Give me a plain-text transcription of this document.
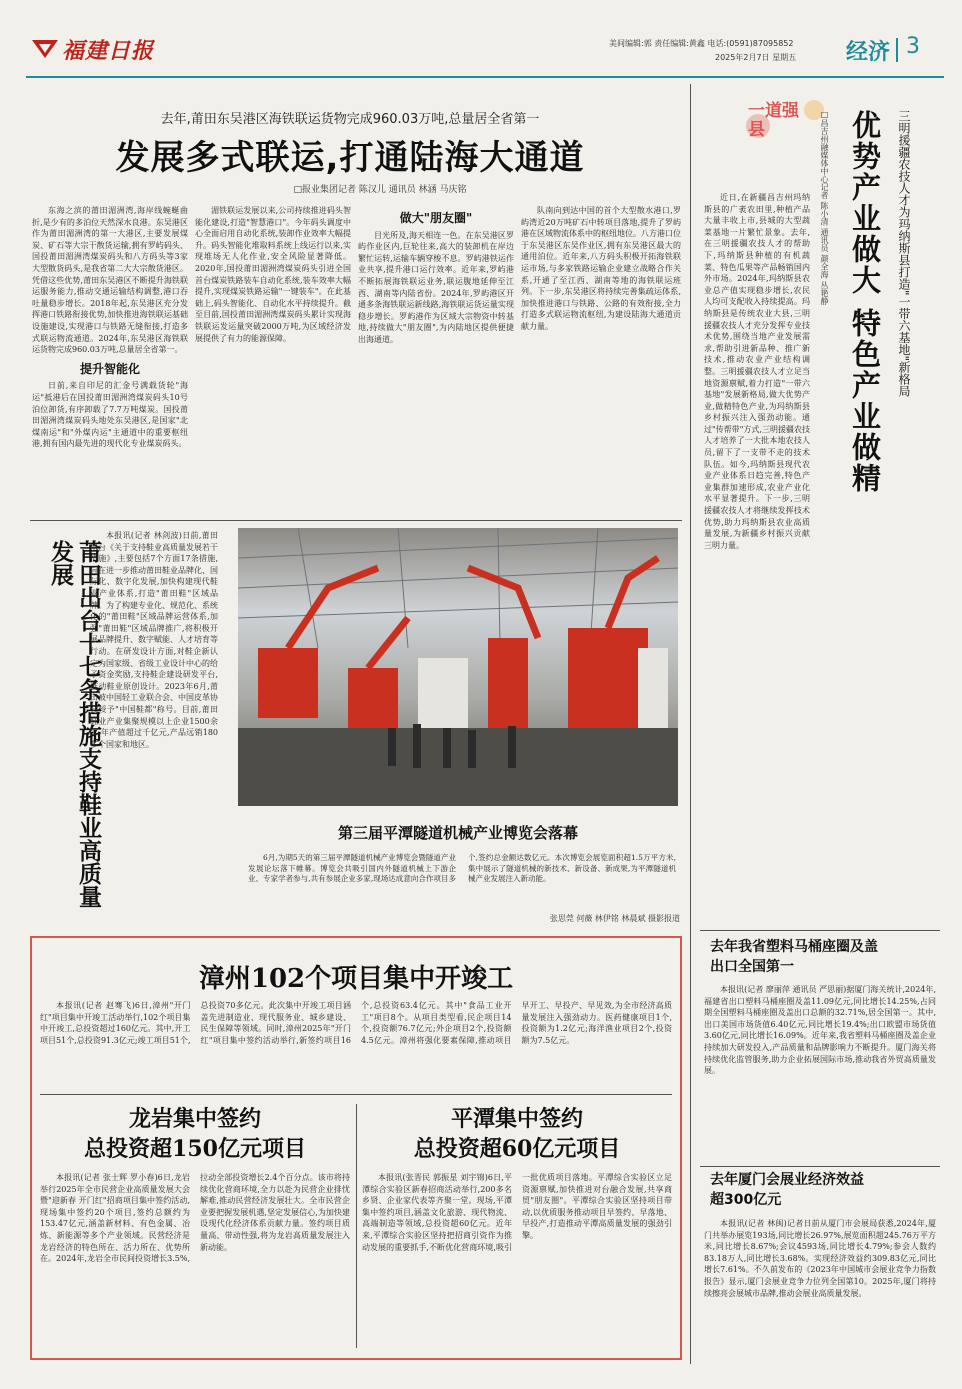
福建日报	美间编辑:郭 责任编辑:黄鑫 电话:(0591)87095852
2025年2月7日 星期五 经济 3
去年,莆田东吴港区海铁联运货物完成960.03万吨,总量居全省第一
发展多式联运,打通陆海大通道
□报业集团记者 陈汉儿 通讯员 林涵 马庆铭

东海之滨的莆田湄洲湾,海岸线蜿蜒曲折,是少有的多泊位天然深水良港。东吴港区作为莆田湄洲湾的第一大港区,主要发展煤炭、矿石等大宗干散货运输,拥有罗屿码头、国投莆田湄洲湾煤炭码头和八方码头等3家大型散货码头,是我省第二大大宗散货港区。凭借这些优势,莆田东吴港区不断提升海铁联运服务能力,推动交通运输结构调整,港口吞吐量稳步增长。2018年起,东吴港区充分发挥港口铁路衔接优势,加快推进海铁联运基础设施建设,实现港口与铁路无缝衔接,打造多式联运物流通道。2024年,东吴港区海铁联运货物完成960.03万吨,总量居全省第一。

提升智能化

日前,来自印尼的汇金号满载货轮"海运"抵港后在国投莆田湄洲湾煤炭码头10号泊位卸货,有序卸载了7.7万吨煤炭。国投莆田湄洲湾煤炭码头地处东吴港区,是国家"北煤南运"和"外煤内运"主通道中的重要枢纽港,拥有国内最先进的现代化专业煤炭码头。

湄铁联运发展以来,公司持续推进码头智能化建设,打造"智慧港口"。今年码头调度中心全面启用自动化系统,装卸作业效率大幅提升。码头智能化堆取料系统上线运行以来,实现堆场无人化作业,安全风险显著降低。2020年,国投莆田湄洲湾煤炭码头引进全国首台煤炭铁路装车自动化系统,装车效率大幅提升,实现煤炭铁路运输"一键装车"。在此基础上,码头智能化、自动化水平持续提升。截至目前,国投莆田湄洲湾煤炭码头累计实现海铁联运发运量突破2000万吨,为区域经济发展提供了有力的能源保障。

做大"朋友圈"

目光所及,海天相连一色。在东吴港区罗屿作业区内,巨轮往来,高大的装卸机在岸边繁忙运转,运输车辆穿梭不息。罗屿港铁运作业共享,提升港口运行效率。近年来,罗屿港不断拓展海铁联运业务,联运腹地延伸至江西、湖南等内陆省份。2024年,罗屿港区开通多条海铁联运新线路,海铁联运货运量实现稳步增长。罗屿港作为区域大宗物资中转基地,持续做大"朋友圈",为内陆地区提供便捷出海通道。

队南向到达中国的首个大型散水港口,罗屿湾近20万吨矿石中转项目落地,提升了罗屿港在区域物流体系中的枢纽地位。八方港口位于东吴港区东吴作业区,拥有东吴港区最大的通用泊位。近年来,八方码头积极开拓海铁联运市场,与多家铁路运输企业建立战略合作关系,开通了至江西、湖南等地的海铁联运班列。下一步,东吴港区将持续完善集疏运体系,加快推进港口与铁路、公路的有效衔接,全力打造多式联运物流枢纽,为建设陆海大通道贡献力量。

莆田出台十七条措施支持鞋业高质量发展

本报讯(记者 林剑波)日前,莆田出台《关于支持鞋业高质量发展若干措施》,主要包括7个方面17条措施,旨在进一步推动莆田鞋业品牌化、国际化、数字化发展,加快构建现代鞋业产业体系,打造"莆田鞋"区域品牌。为了构建专业化、规范化、系统化的"莆田鞋"区域品牌运营体系,加强"莆田鞋"区域品牌推广,将积极开展品牌提升、数字赋能、人才培育等行动。在研发设计方面,对鞋企新认定为国家级、省级工业设计中心的给予资金奖励,支持鞋企建设研发平台,推动鞋业原创设计。2023年6月,莆田被中国轻工业联合会、中国皮革协会授予"中国鞋都"称号。目前,莆田鞋业产业集聚规模以上企业1500余家,年产值超过千亿元,产品远销180多个国家和地区。

第三届平潭隧道机械产业博览会落幕

6月,为期5天的第三届平潭隧道机械产业博览会暨隧道产业发展论坛落下帷幕。博览会共吸引国内外隧道机械上下游企业、专家学者参与,共有参展企业多家,现场达成意向合作项目多个,签约总金额达数亿元。本次博览会展览面积超1.5万平方米,集中展示了隧道机械的新技术、新设备、新成果,为平潭隧道机械产业发展注入新动能。

张思莞 何薇 林伊铭 林晨斌 摄影报道
漳州102个项目集中开竣工

本报讯(记者 赵骞飞)6日,漳州"开门红"项目集中开竣工活动举行,102个项目集中开竣工,总投资超过160亿元。其中,开工项目51个,总投资91.3亿元;竣工项目51个,总投资70多亿元。此次集中开竣工项目涵盖先进制造业、现代服务业、城乡建设、民生保障等领域。同时,漳州2025年"开门红"项目集中签约活动举行,新签约项目16个,总投资63.4亿元。其中"食品工业开工"项目8个。从项目类型看,民企项目14个,投资额76.7亿元;外企项目2个,投资额4.5亿元。漳州将强化要素保障,推动项目早开工、早投产、早见效,为全市经济高质量发展注入强劲动力。医药健康项目1个,投资额为1.2亿元;海洋渔业项目2个,投资额为7.5亿元。

龙岩集中签约
总投资超150亿元项目

本报讯(记者 张士辉 罗小春)6日,龙岩举行2025年全市民营企业高质量发展大会暨"迎新春 开门红"招商项目集中签约活动,现场集中签约20个项目,签约总额约为153.47亿元,涵盖新材料、有色金属、冶炼、新能源等多个产业领域。民营经济是龙岩经济的特色所在、活力所在、优势所在。2024年,龙岩全市民间投资增长3.5%,拉动全部投资增长2.4个百分点。该市将持续优化营商环境,全力以赴为民营企业排忧解难,推动民营经济发展壮大。全市民营企业要把握发展机遇,坚定发展信心,为加快建设现代化经济体系贡献力量。签约项目质量高、带动性强,将为龙岩高质量发展注入新动能。

平潭集中签约
总投资超60亿元项目

本报讯(张晋民 郭振星 刘宇锦)6日,平潭综合实验区新春招商活动举行,200多名乡贤、企业家代表等齐聚一堂。现场,平潭集中签约项目,涵盖文化旅游、现代物流、高端制造等领域,总投资超60亿元。近年来,平潭综合实验区坚持把招商引资作为推动发展的重要抓手,不断优化营商环境,吸引一批优质项目落地。平潭综合实验区立足资源禀赋,加快推进对台融合发展,共享商贸"朋友圈"。平潭综合实验区坚持项目带动,以优质服务推动项目早签约、早落地、早投产,打造推动平潭高质量发展的强劲引擎。

一道强县	优势产业做大 特色产业做精 三明援疆农技人才为玛纳斯县打造"一带六基地"新格局
□昌吉州融媒体中心记者 陈小清 通讯员 颜全海 丛艳静

近日,在新疆昌吉州玛纳斯县的广袤农田里,种植产品大量丰收上市,县城的大型蔬菜基地一片繁忙景象。去年,在三明援疆农技人才的帮助下,玛纳斯县种植的有机蔬菜、特色瓜果等产品畅销国内外市场。2024年,玛纳斯县农业总产值实现稳步增长,农民人均可支配收入持续提高。玛纳斯县是传统农业大县,三明援疆农技人才充分发挥专业技术优势,围绕当地产业发展需求,帮助引进新品种、推广新技术,推动农业产业结构调整。三明援疆农技人才立足当地资源禀赋,着力打造"一带六基地"发展新格局,做大优势产业,做精特色产业,为玛纳斯县乡村振兴注入强劲动能。通过"传帮带"方式,三明援疆农技人才培养了一大批本地农技人员,留下了一支带不走的技术队伍。如今,玛纳斯县现代农业产业体系日趋完善,特色产业集群加速形成,农业产业化水平显著提升。下一步,三明援疆农技人才将继续发挥技术优势,助力玛纳斯县农业高质量发展,为新疆乡村振兴贡献三明力量。

去年我省塑料马桶座圈及盖
出口全国第一

本报讯(记者 廖丽萍 通讯员 严思丽)据厦门海关统计,2024年,福建省出口塑料马桶座圈及盖11.09亿元,同比增长14.25%,占同期全国塑料马桶座圈及盖出口总额的32.71%,居全国第一。其中,出口美国市场货值6.40亿元,同比增长19.4%;出口欧盟市场货值3.60亿元,同比增长16.09%。近年来,我省塑料马桶座圈及盖企业持续加大研发投入,产品质量和品牌影响力不断提升。厦门海关将持续优化监管服务,助力企业拓展国际市场,推动我省外贸高质量发展。

去年厦门会展业经济效益
超300亿元

本报讯(记者 林闽)记者日前从厦门市会展局获悉,2024年,厦门共举办展览193场,同比增长26.97%,展览面积超245.76万平方米,同比增长8.67%;会议4593场,同比增长4.79%;参会人数约83.18万人,同比增长3.68%。实现经济效益约309.83亿元,同比增长7.61%。不久前发布的《2023年中国城市会展业竞争力指数报告》显示,厦门会展业竞争力位列全国第10。2025年,厦门将持续擦亮会展城市品牌,推动会展业高质量发展。
